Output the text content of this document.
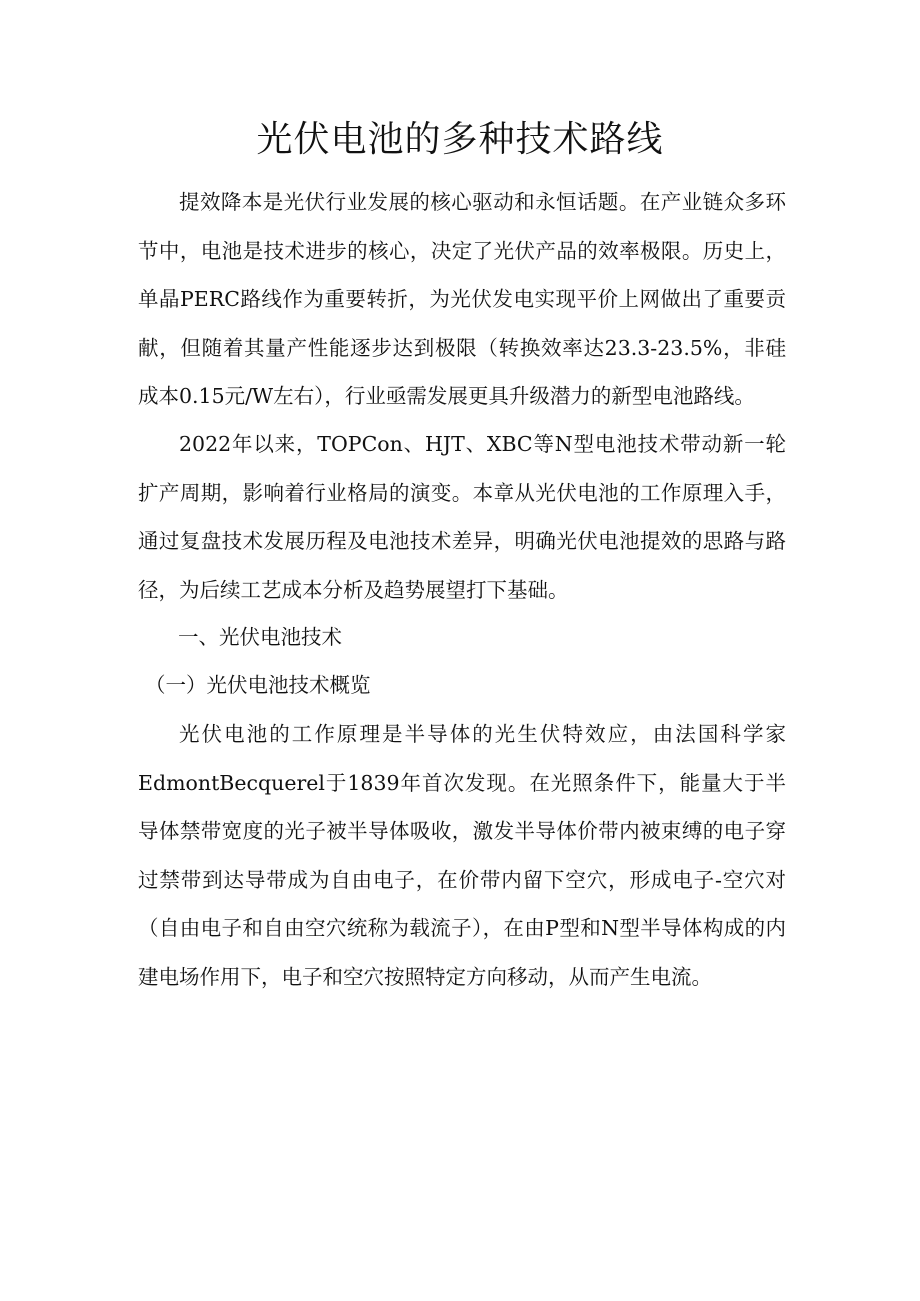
光伏电池的多种技术路线

提效降本是光伏行业发展的核心驱动和永恒话题。在产业链众多环节中，电池是技术进步的核心，决定了光伏产品的效率极限。历史上，单晶PERC路线作为重要转折，为光伏发电实现平价上网做出了重要贡献，但随着其量产性能逐步达到极限（转换效率达23.3-23.5%，非硅成本0.15元/W左右），行业亟需发展更具升级潜力的新型电池路线。

2022年以来，TOPCon、HJT、XBC等N型电池技术带动新一轮扩产周期，影响着行业格局的演变。本章从光伏电池的工作原理入手，通过复盘技术发展历程及电池技术差异，明确光伏电池提效的思路与路径，为后续工艺成本分析及趋势展望打下基础。

一、光伏电池技术
（一）光伏电池技术概览

光伏电池的工作原理是半导体的光生伏特效应，由法国科学家EdmontBecquerel于1839年首次发现。在光照条件下，能量大于半导体禁带宽度的光子被半导体吸收，激发半导体价带内被束缚的电子穿过禁带到达导带成为自由电子，在价带内留下空穴，形成电子-空穴对（自由电子和自由空穴统称为载流子），在由P型和N型半导体构成的内建电场作用下，电子和空穴按照特定方向移动，从而产生电流。
